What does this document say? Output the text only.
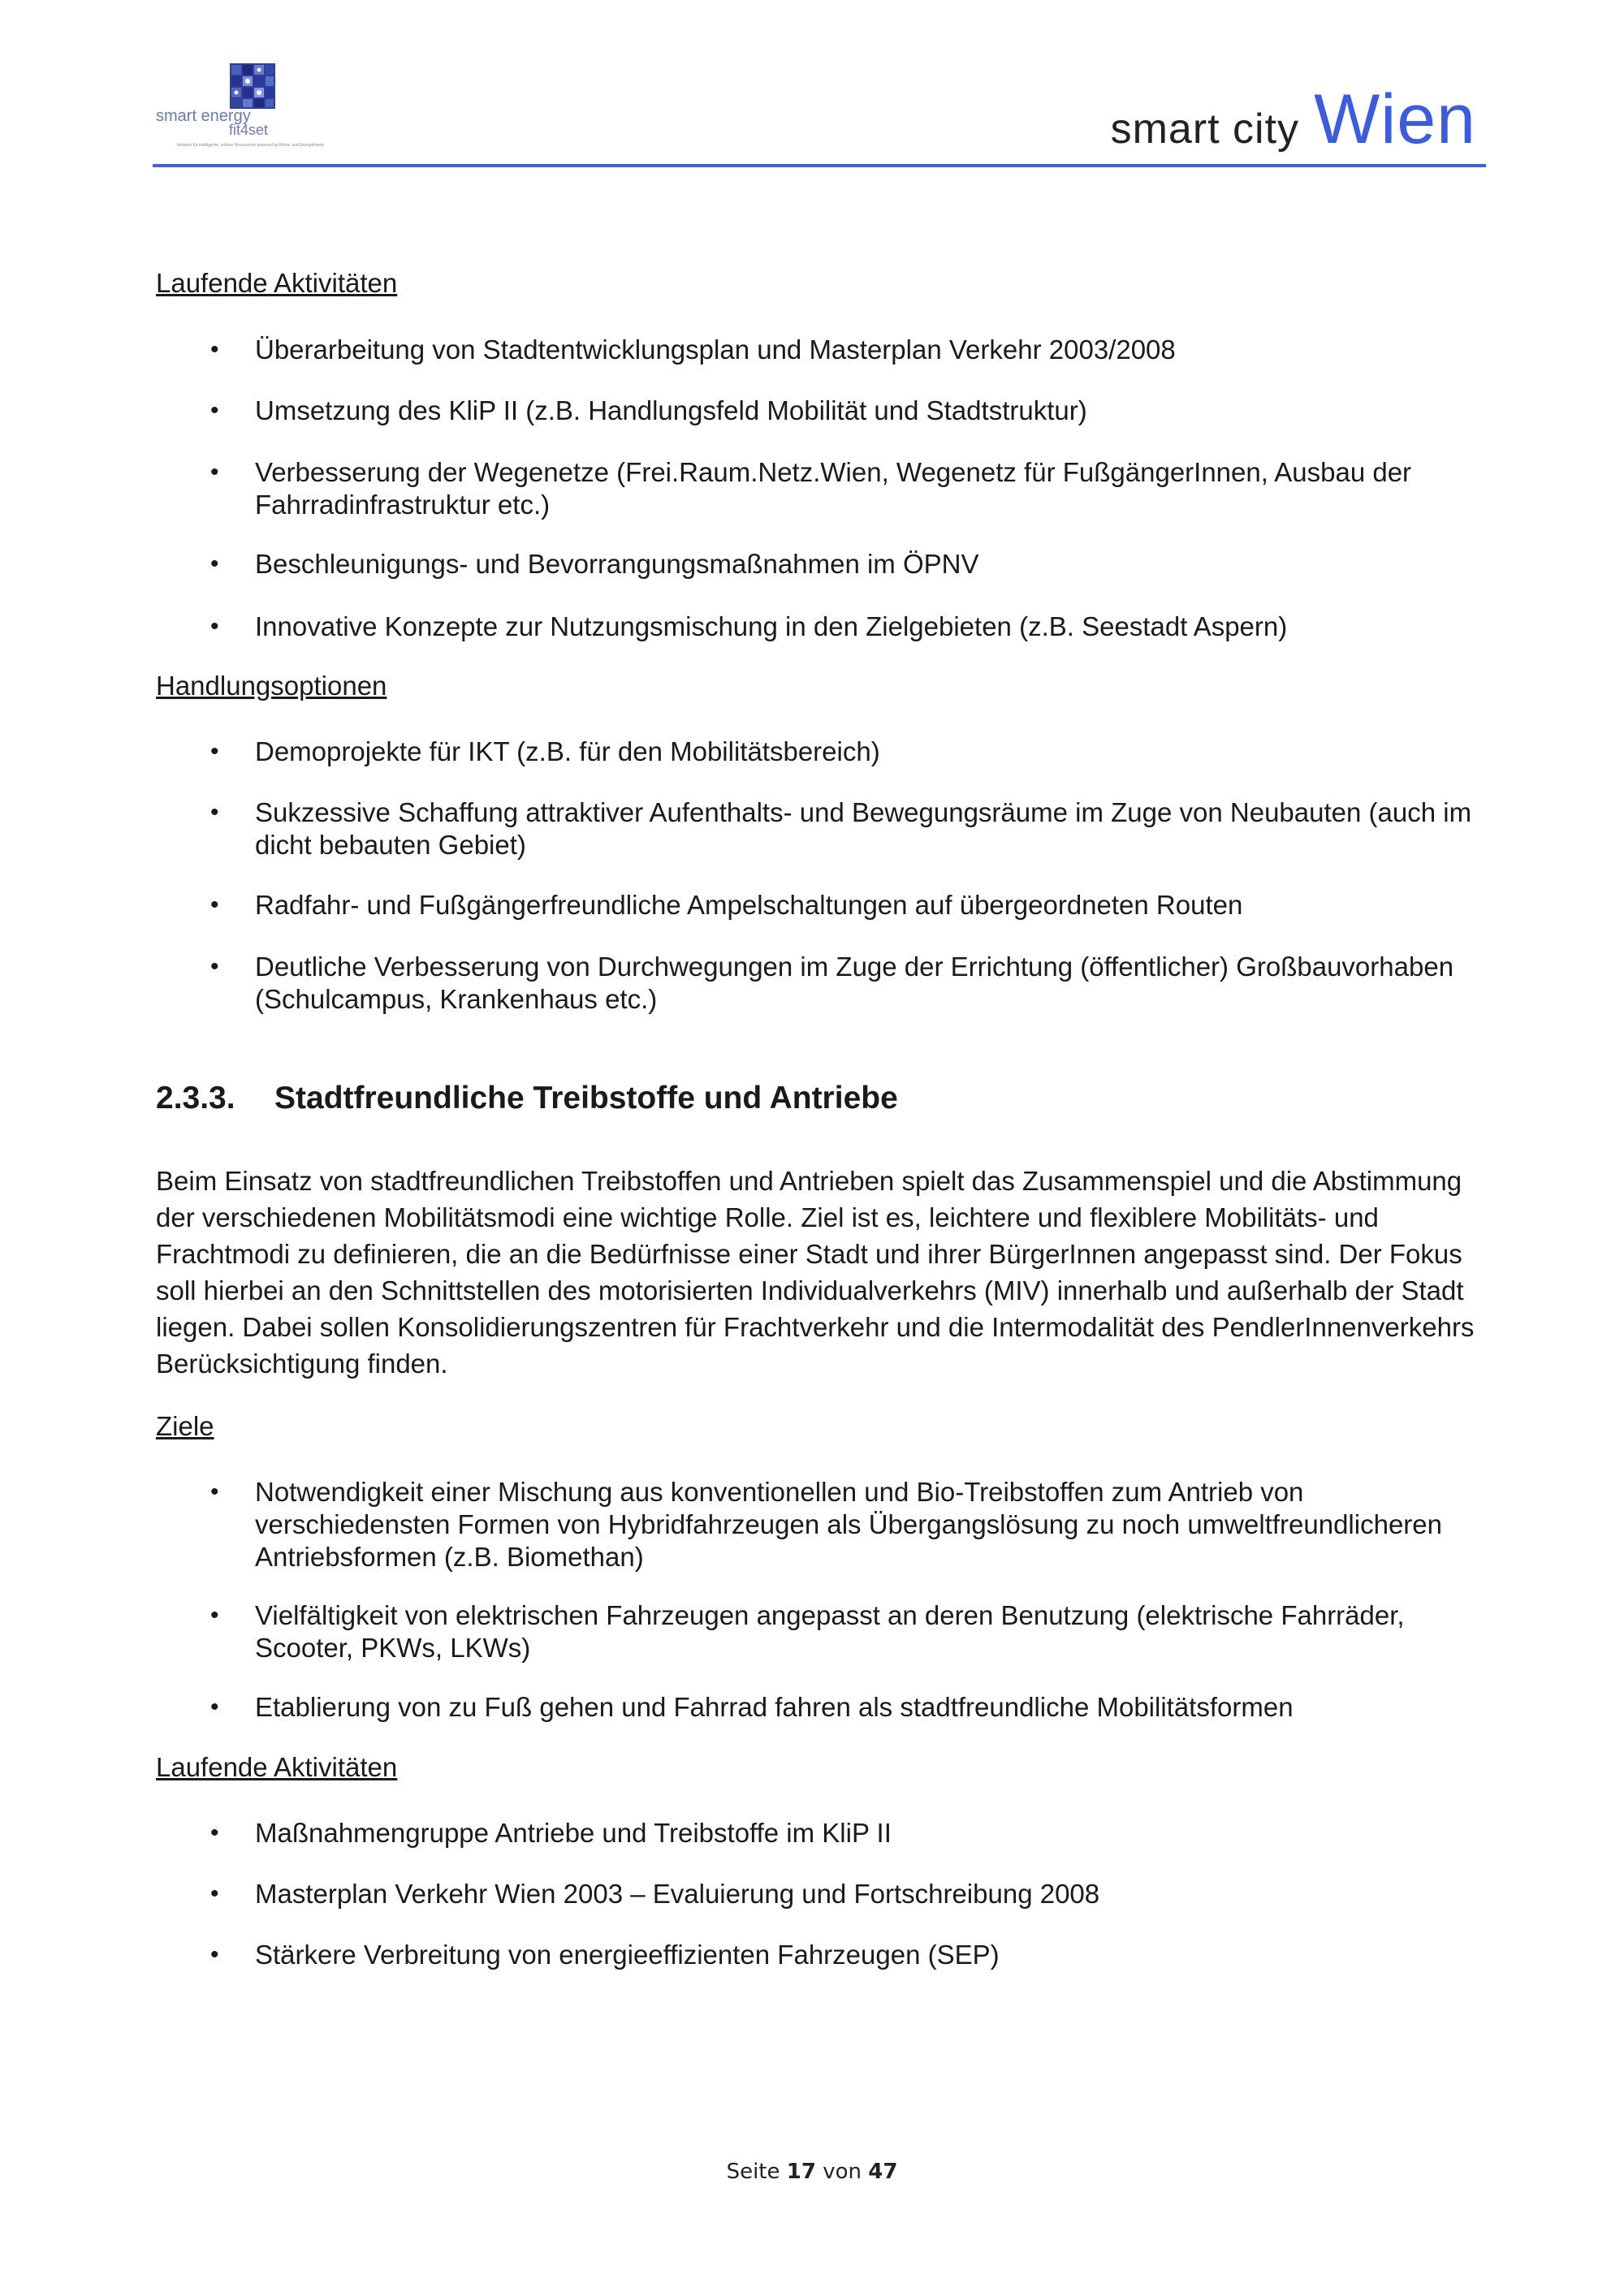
smart energy
fit4set
Initiative für intelligente, urbane Ressourcen powered by Klima- und Energiefonds	smart city Wien
Laufende Aktivitäten
• Überarbeitung von Stadtentwicklungsplan und Masterplan Verkehr 2003/2008
• Umsetzung des KliP II (z.B. Handlungsfeld Mobilität und Stadtstruktur)
• Verbesserung der Wegenetze (Frei.Raum.Netz.Wien, Wegenetz für FußgängerInnen, Ausbau der Fahrradinfrastruktur etc.)
• Beschleunigungs- und Bevorrangungsmaßnahmen im ÖPNV
• Innovative Konzepte zur Nutzungsmischung in den Zielgebieten (z.B. Seestadt Aspern)
Handlungsoptionen
• Demoprojekte für IKT (z.B. für den Mobilitätsbereich)
• Sukzessive Schaffung attraktiver Aufenthalts- und Bewegungsräume im Zuge von Neubauten (auch im dicht bebauten Gebiet)
• Radfahr- und Fußgängerfreundliche Ampelschaltungen auf übergeordneten Routen
• Deutliche Verbesserung von Durchwegungen im Zuge der Errichtung (öffentlicher) Großbauvorhaben (Schulcampus, Krankenhaus etc.)
2.3.3. Stadtfreundliche Treibstoffe und Antriebe
Beim Einsatz von stadtfreundlichen Treibstoffen und Antrieben spielt das Zusammenspiel und die Abstimmung der verschiedenen Mobilitätsmodi eine wichtige Rolle. Ziel ist es, leichtere und flexiblere Mobilitäts- und Frachtmodi zu definieren, die an die Bedürfnisse einer Stadt und ihrer BürgerInnen angepasst sind. Der Fokus soll hierbei an den Schnittstellen des motorisierten Individualverkehrs (MIV) innerhalb und außerhalb der Stadt liegen. Dabei sollen Konsolidierungszentren für Frachtverkehr und die Intermodalität des PendlerInnenverkehrs Berücksichtigung finden.
Ziele
• Notwendigkeit einer Mischung aus konventionellen und Bio-Treibstoffen zum Antrieb von verschiedensten Formen von Hybridfahrzeugen als Übergangslösung zu noch umweltfreundlicheren Antriebsformen (z.B. Biomethan)
• Vielfältigkeit von elektrischen Fahrzeugen angepasst an deren Benutzung (elektrische Fahrräder, Scooter, PKWs, LKWs)
• Etablierung von zu Fuß gehen und Fahrrad fahren als stadtfreundliche Mobilitätsformen
Laufende Aktivitäten
• Maßnahmengruppe Antriebe und Treibstoffe im KliP II
• Masterplan Verkehr Wien 2003 – Evaluierung und Fortschreibung 2008
• Stärkere Verbreitung von energieeffizienten Fahrzeugen (SEP)
Seite 17 von 47
